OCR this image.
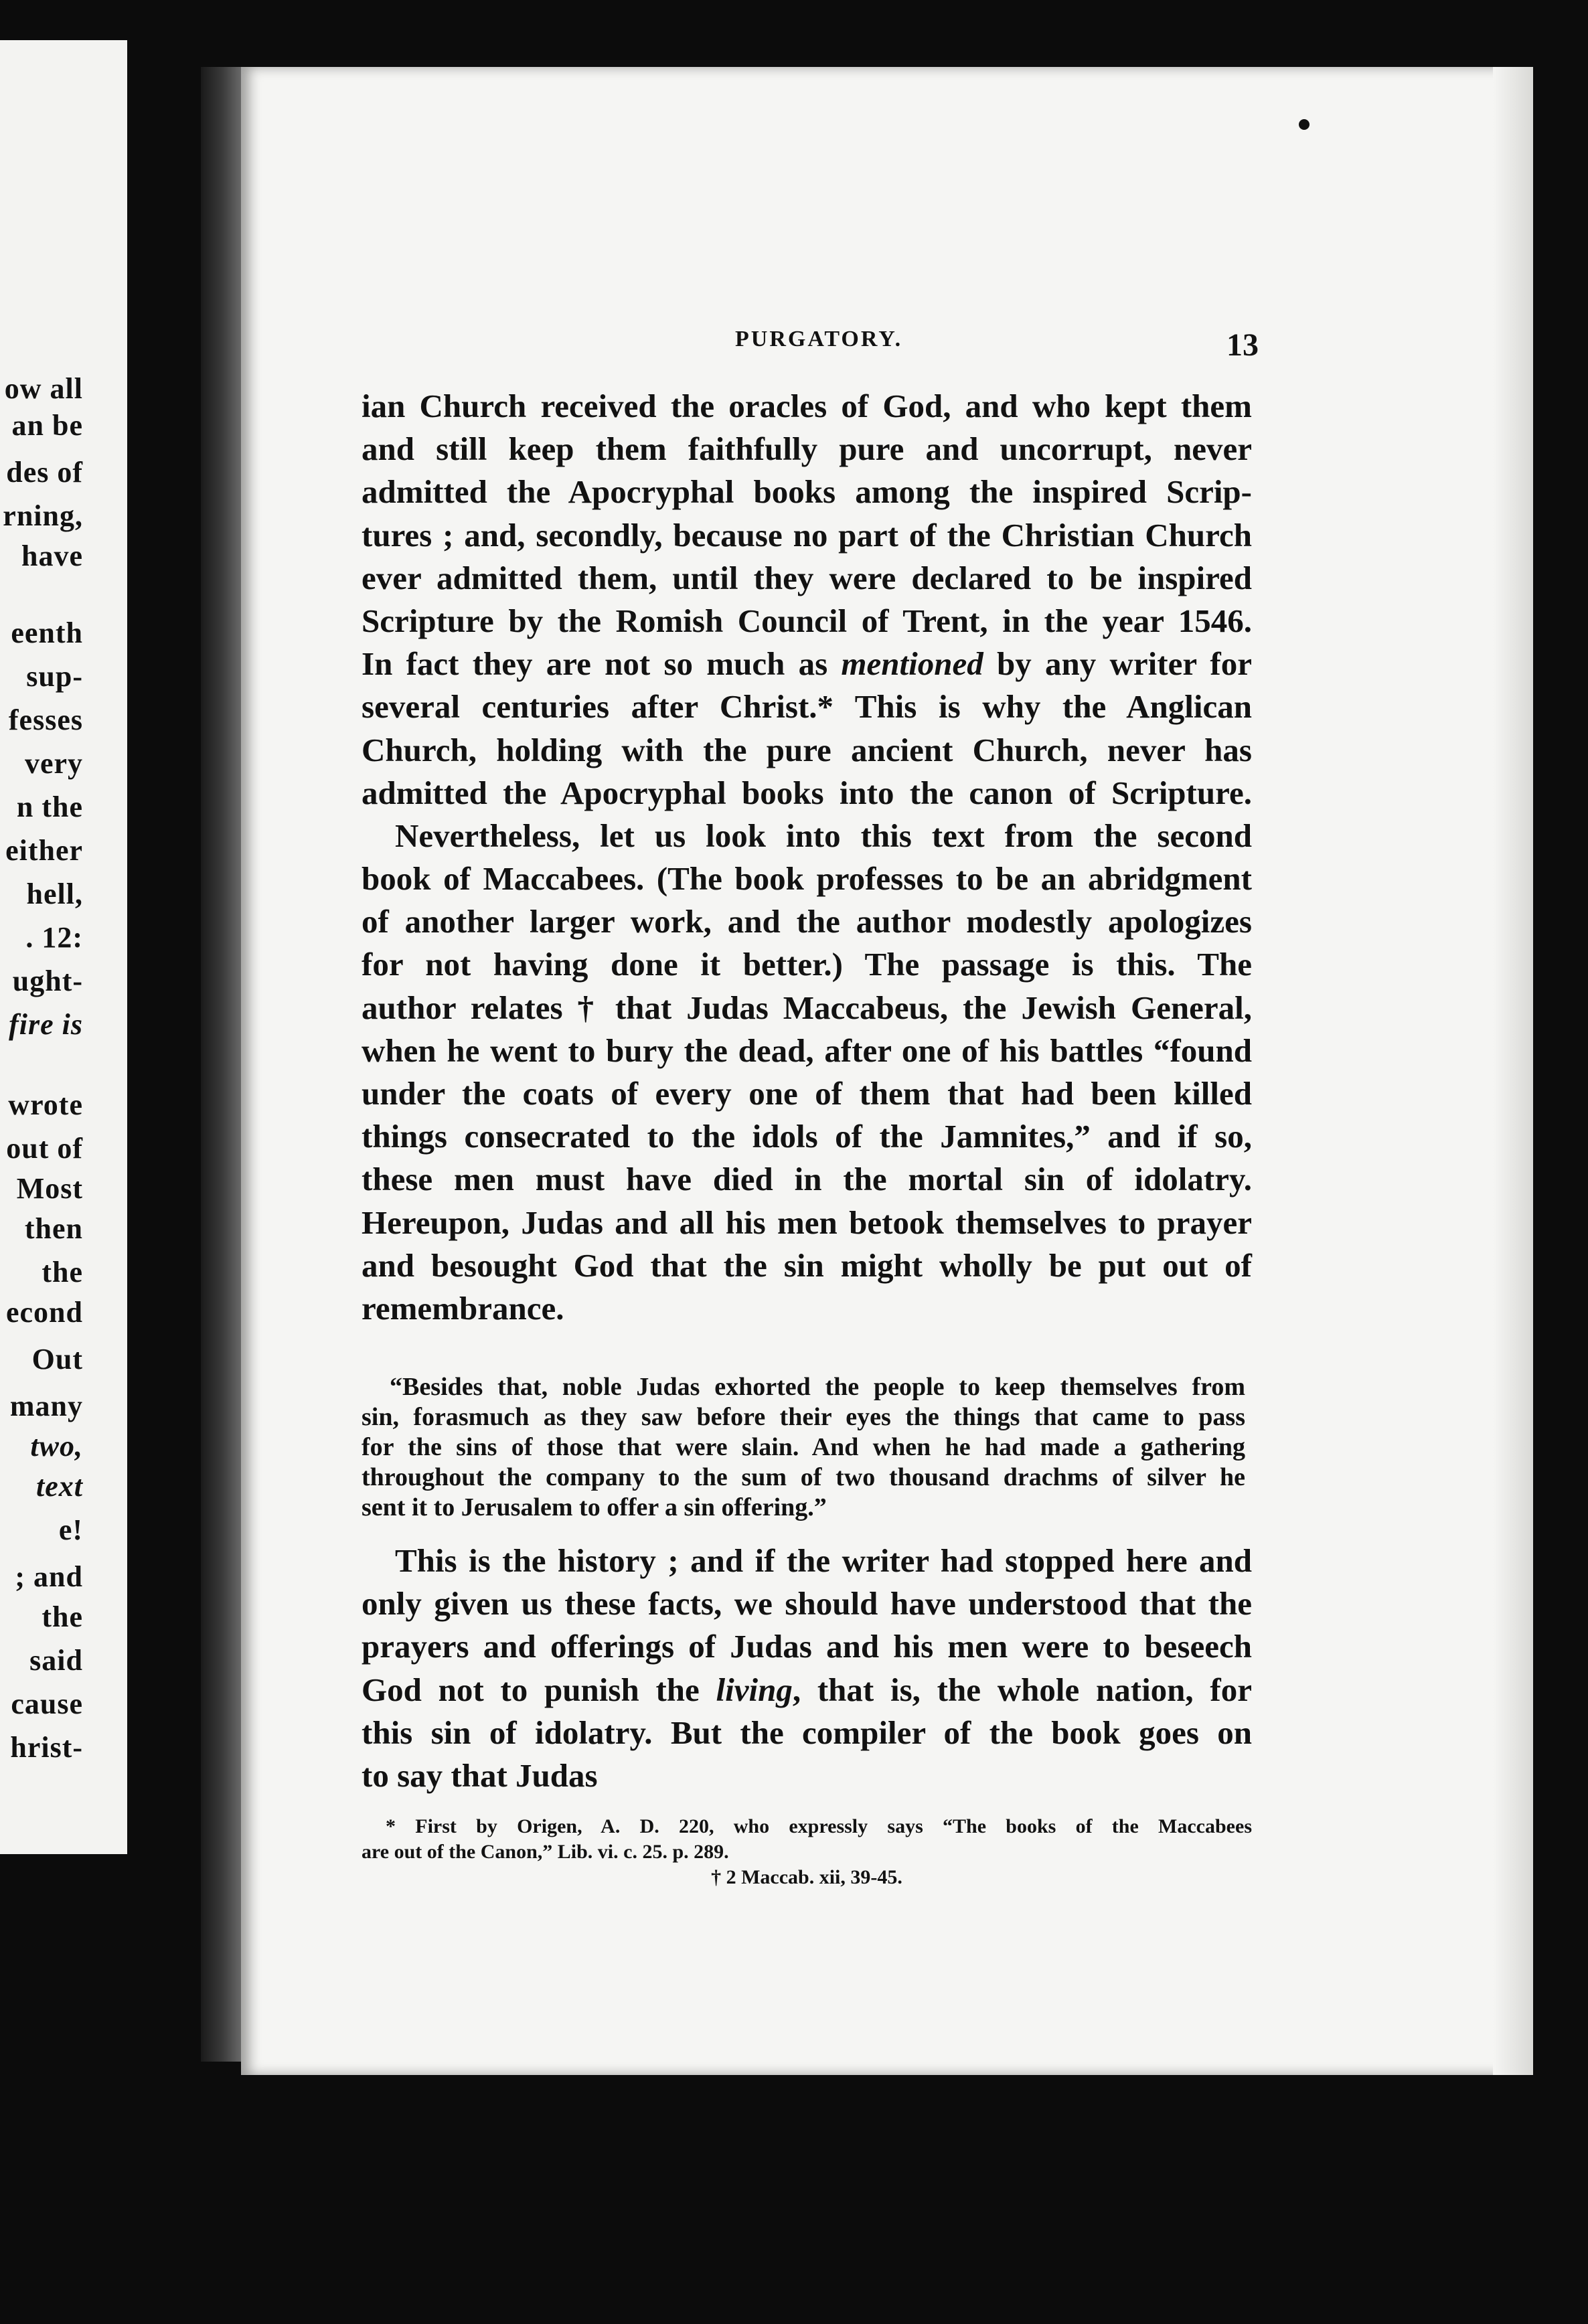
ow all
an be
des of
rning,
have
eenth
sup-
fesses
very
n the
either
hell,
. 12:
ught-
fire is
wrote
out of
Most
then
the
econd
Out
many
two,
text
e!
; and
the
said
cause
hrist-
PURGATORY.	13
ian Church received the oracles of God, and who kept them
and still keep them faithfully pure and uncorrupt, never
admitted the Apocryphal books among the inspired Scrip-
tures ; and, secondly, because no part of the Christian Church
ever admitted them, until they were declared to be inspired
Scripture by the Romish Council of Trent, in the year 1546.
In fact they are not so much as mentioned by any writer for
several centuries after Christ.* This is why the Anglican
Church, holding with the pure ancient Church, never has
admitted the Apocryphal books into the canon of Scripture.
Nevertheless, let us look into this text from the second
book of Maccabees. (The book professes to be an abridgment
of another larger work, and the author modestly apologizes
for not having done it better.) The passage is this. The
author relates † that Judas Maccabeus, the Jewish General,
when he went to bury the dead, after one of his battles “found
under the coats of every one of them that had been killed
things consecrated to the idols of the Jamnites,” and if so,
these men must have died in the mortal sin of idolatry.
Hereupon, Judas and all his men betook themselves to prayer
and besought God that the sin might wholly be put out of
remembrance.
“Besides that, noble Judas exhorted the people to keep themselves from
sin, forasmuch as they saw before their eyes the things that came to pass
for the sins of those that were slain. And when he had made a gathering
throughout the company to the sum of two thousand drachms of silver he
sent it to Jerusalem to offer a sin offering.”
This is the history ; and if the writer had stopped here and
only given us these facts, we should have understood that the
prayers and offerings of Judas and his men were to beseech
God not to punish the living, that is, the whole nation, for
this sin of idolatry. But the compiler of the book goes on
to say that Judas
* First by Origen, A. D. 220, who expressly says “The books of the Maccabees
are out of the Canon,” Lib. vi. c. 25. p. 289.
† 2 Maccab. xii, 39-45.
